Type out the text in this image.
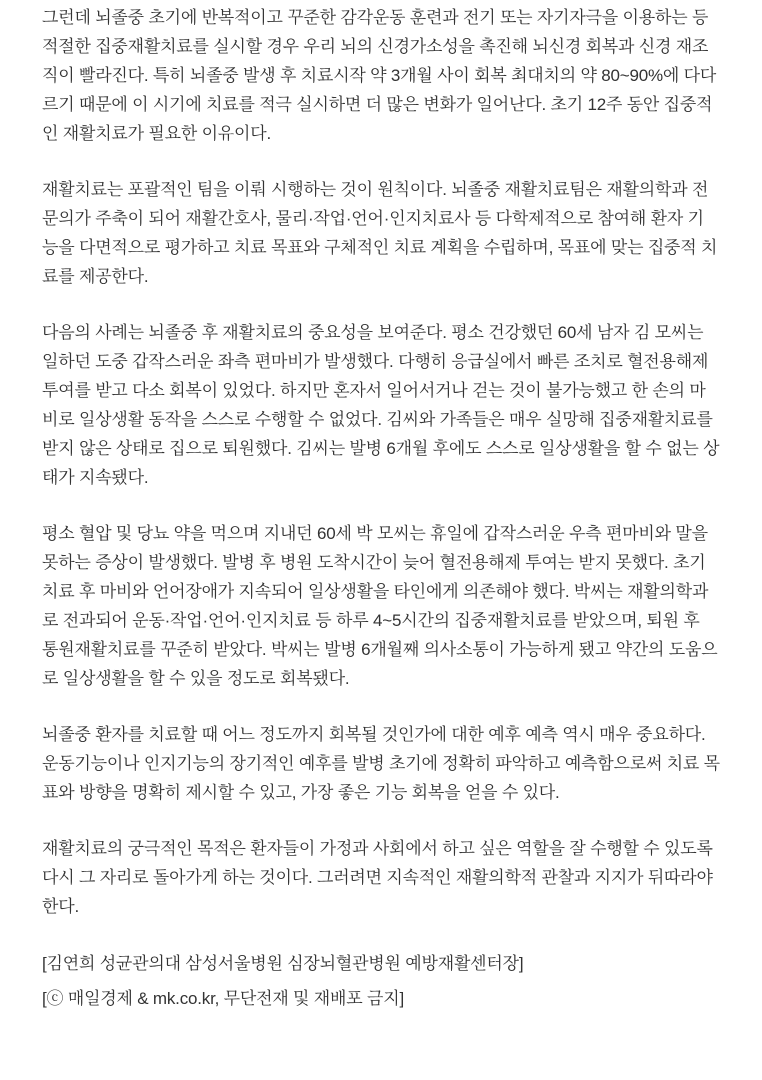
그런데 뇌졸중 초기에 반복적이고 꾸준한 감각운동 훈련과 전기 또는 자기자극을 이용하는 등 적절한 집중재활치료를 실시할 경우 우리 뇌의 신경가소성을 촉진해 뇌신경 회복과 신경 재조직이 빨라진다. 특히 뇌졸중 발생 후 치료시작 약 3개월 사이 회복 최대치의 약 80~90%에 다다르기 때문에 이 시기에 치료를 적극 실시하면 더 많은 변화가 일어난다. 초기 12주 동안 집중적인 재활치료가 필요한 이유이다.

재활치료는 포괄적인 팀을 이뤄 시행하는 것이 원칙이다. 뇌졸중 재활치료팀은 재활의학과 전문의가 주축이 되어 재활간호사, 물리·작업·언어·인지치료사 등 다학제적으로 참여해 환자 기능을 다면적으로 평가하고 치료 목표와 구체적인 치료 계획을 수립하며, 목표에 맞는 집중적 치료를 제공한다.

다음의 사례는 뇌졸중 후 재활치료의 중요성을 보여준다. 평소 건강했던 60세 남자 김 모씨는 일하던 도중 갑작스러운 좌측 편마비가 발생했다. 다행히 응급실에서 빠른 조치로 혈전용해제 투여를 받고 다소 회복이 있었다. 하지만 혼자서 일어서거나 걷는 것이 불가능했고 한 손의 마비로 일상생활 동작을 스스로 수행할 수 없었다. 김씨와 가족들은 매우 실망해 집중재활치료를 받지 않은 상태로 집으로 퇴원했다. 김씨는 발병 6개월 후에도 스스로 일상생활을 할 수 없는 상태가 지속됐다.

평소 혈압 및 당뇨 약을 먹으며 지내던 60세 박 모씨는 휴일에 갑작스러운 우측 편마비와 말을 못하는 증상이 발생했다. 발병 후 병원 도착시간이 늦어 혈전용해제 투여는 받지 못했다. 초기 치료 후 마비와 언어장애가 지속되어 일상생활을 타인에게 의존해야 했다. 박씨는 재활의학과로 전과되어 운동·작업·언어·인지치료 등 하루 4~5시간의 집중재활치료를 받았으며, 퇴원 후 통원재활치료를 꾸준히 받았다. 박씨는 발병 6개월째 의사소통이 가능하게 됐고 약간의 도움으로 일상생활을 할 수 있을 정도로 회복됐다.

뇌졸중 환자를 치료할 때 어느 정도까지 회복될 것인가에 대한 예후 예측 역시 매우 중요하다. 운동기능이나 인지기능의 장기적인 예후를 발병 초기에 정확히 파악하고 예측함으로써 치료 목표와 방향을 명확히 제시할 수 있고, 가장 좋은 기능 회복을 얻을 수 있다.

재활치료의 궁극적인 목적은 환자들이 가정과 사회에서 하고 싶은 역할을 잘 수행할 수 있도록 다시 그 자리로 돌아가게 하는 것이다. 그러려면 지속적인 재활의학적 관찰과 지지가 뒤따라야 한다.

[김연희 성균관의대 삼성서울병원 심장뇌혈관병원 예방재활센터장]

[ⓒ 매일경제 & mk.co.kr, 무단전재 및 재배포 금지]
